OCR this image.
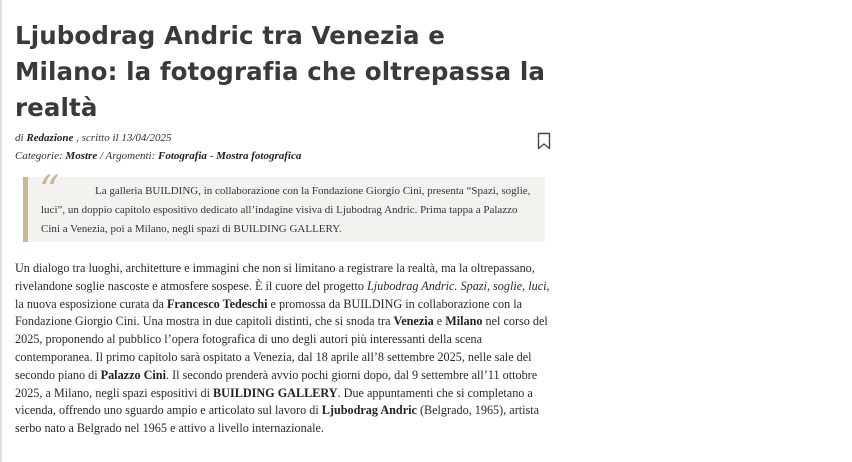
Ljubodrag Andric tra Venezia e Milano: la fotografia che oltrepassa la realtà
di Redazione , scritto il 13/04/2025
Categorie: Mostre / Argomenti: Fotografia - Mostra fotografica
“	La galleria BUILDING, in collaborazione con la Fondazione Giorgio Cini, presenta “Spazi, soglie, luci”, un doppio capitolo espositivo dedicato all’indagine visiva di Ljubodrag Andric. Prima tappa a Palazzo Cini a Venezia, poi a Milano, negli spazi di BUILDING GALLERY.
Un dialogo tra luoghi, architetture e immagini che non si limitano a registrare la realtà, ma la oltrepassano, rivelandone soglie nascoste e atmosfere sospese. È il cuore del progetto Ljubodrag Andric. Spazi, soglie, luci, la nuova esposizione curata da Francesco Tedeschi e promossa da BUILDING in collaborazione con la Fondazione Giorgio Cini. Una mostra in due capitoli distinti, che si snoda tra Venezia e Milano nel corso del 2025, proponendo al pubblico l’opera fotografica di uno degli autori più interessanti della scena contemporanea. Il primo capitolo sarà ospitato a Venezia, dal 18 aprile all’8 settembre 2025, nelle sale del secondo piano di Palazzo Cini. Il secondo prenderà avvio pochi giorni dopo, dal 9 settembre all’11 ottobre 2025, a Milano, negli spazi espositivi di BUILDING GALLERY. Due appuntamenti che si completano a vicenda, offrendo uno sguardo ampio e articolato sul lavoro di Ljubodrag Andric (Belgrado, 1965), artista serbo nato a Belgrado nel 1965 e attivo a livello internazionale.
